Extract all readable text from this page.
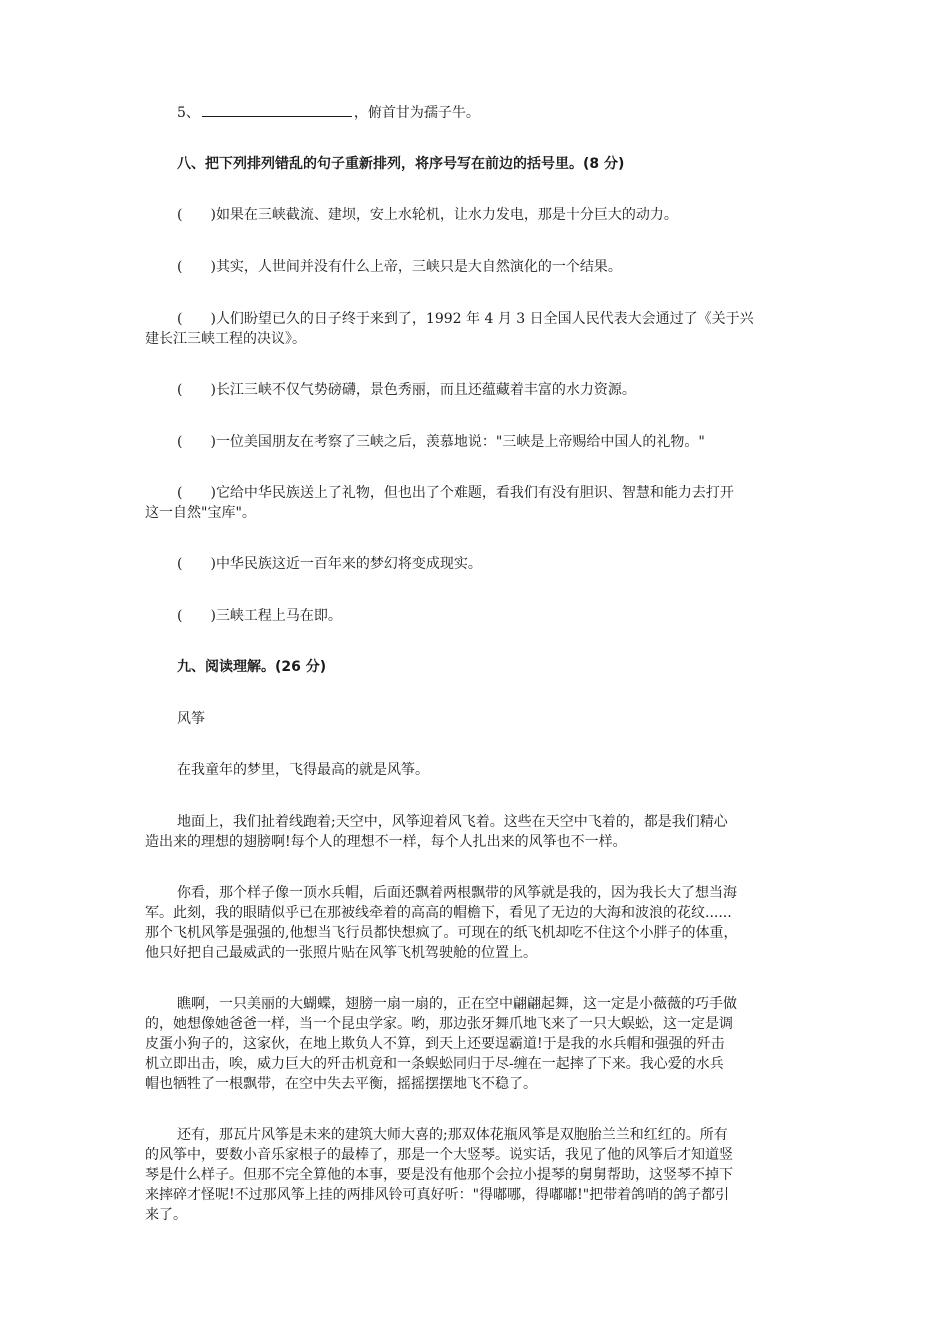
5、	，俯首甘为孺子牛。
八、把下列排列错乱的句子重新排列，将序号写在前边的括号里。(8 分)
(　　)如果在三峡截流、建坝，安上水轮机，让水力发电，那是十分巨大的动力。
(　　)其实，人世间并没有什么上帝，三峡只是大自然演化的一个结果。
(　　)人们盼望已久的日子终于来到了，1992 年 4 月 3 日全国人民代表大会通过了《关于兴
建长江三峡工程的决议》。
(　　)长江三峡不仅气势磅礴，景色秀丽，而且还蕴藏着丰富的水力资源。
(　　)一位美国朋友在考察了三峡之后，羡慕地说："三峡是上帝赐给中国人的礼物。"
(　　)它给中华民族送上了礼物，但也出了个难题，看我们有没有胆识、智慧和能力去打开
这一自然"宝库"。
(　　)中华民族这近一百年来的梦幻将变成现实。
(　　)三峡工程上马在即。
九、阅读理解。(26 分)
风筝
在我童年的梦里，飞得最高的就是风筝。
地面上，我们扯着线跑着;天空中，风筝迎着风飞着。这些在天空中飞着的，都是我们精心
造出来的理想的翅膀啊!每个人的理想不一样，每个人扎出来的风筝也不一样。
你看，那个样子像一顶水兵帽，后面还飘着两根飘带的风筝就是我的，因为我长大了想当海
军。此刻，我的眼睛似乎已在那被线牵着的高高的帽檐下，看见了无边的大海和波浪的花纹......
那个飞机风筝是强强的,他想当飞行员都快想疯了。可现在的纸飞机却吃不住这个小胖子的体重，
他只好把自己最威武的一张照片贴在风筝飞机驾驶舱的位置上。
瞧啊，一只美丽的大蝴蝶，翅膀一扇一扇的，正在空中翩翩起舞，这一定是小薇薇的巧手做
的，她想像她爸爸一样，当一个昆虫学家。哟，那边张牙舞爪地飞来了一只大蜈蚣，这一定是调
皮蛋小狗子的，这家伙，在地上欺负人不算，到天上还要逞霸道!于是我的水兵帽和强强的歼击
机立即出击，唉，威力巨大的歼击机竟和一条蜈蚣同归于尽-缠在一起摔了下来。我心爱的水兵
帽也牺牲了一根飘带，在空中失去平衡，摇摇摆摆地飞不稳了。
还有，那瓦片风筝是未来的建筑大师大喜的;那双体花瓶风筝是双胞胎兰兰和红红的。所有
的风筝中，要数小音乐家根子的最棒了，那是一个大竖琴。说实话，我见了他的风筝后才知道竖
琴是什么样子。但那不完全算他的本事，要是没有他那个会拉小提琴的舅舅帮助，这竖琴不掉下
来摔碎才怪呢!不过那风筝上挂的两排风铃可真好听："得嘟哪，得嘟嘟!"把带着鸽哨的鸽子都引
来了。
